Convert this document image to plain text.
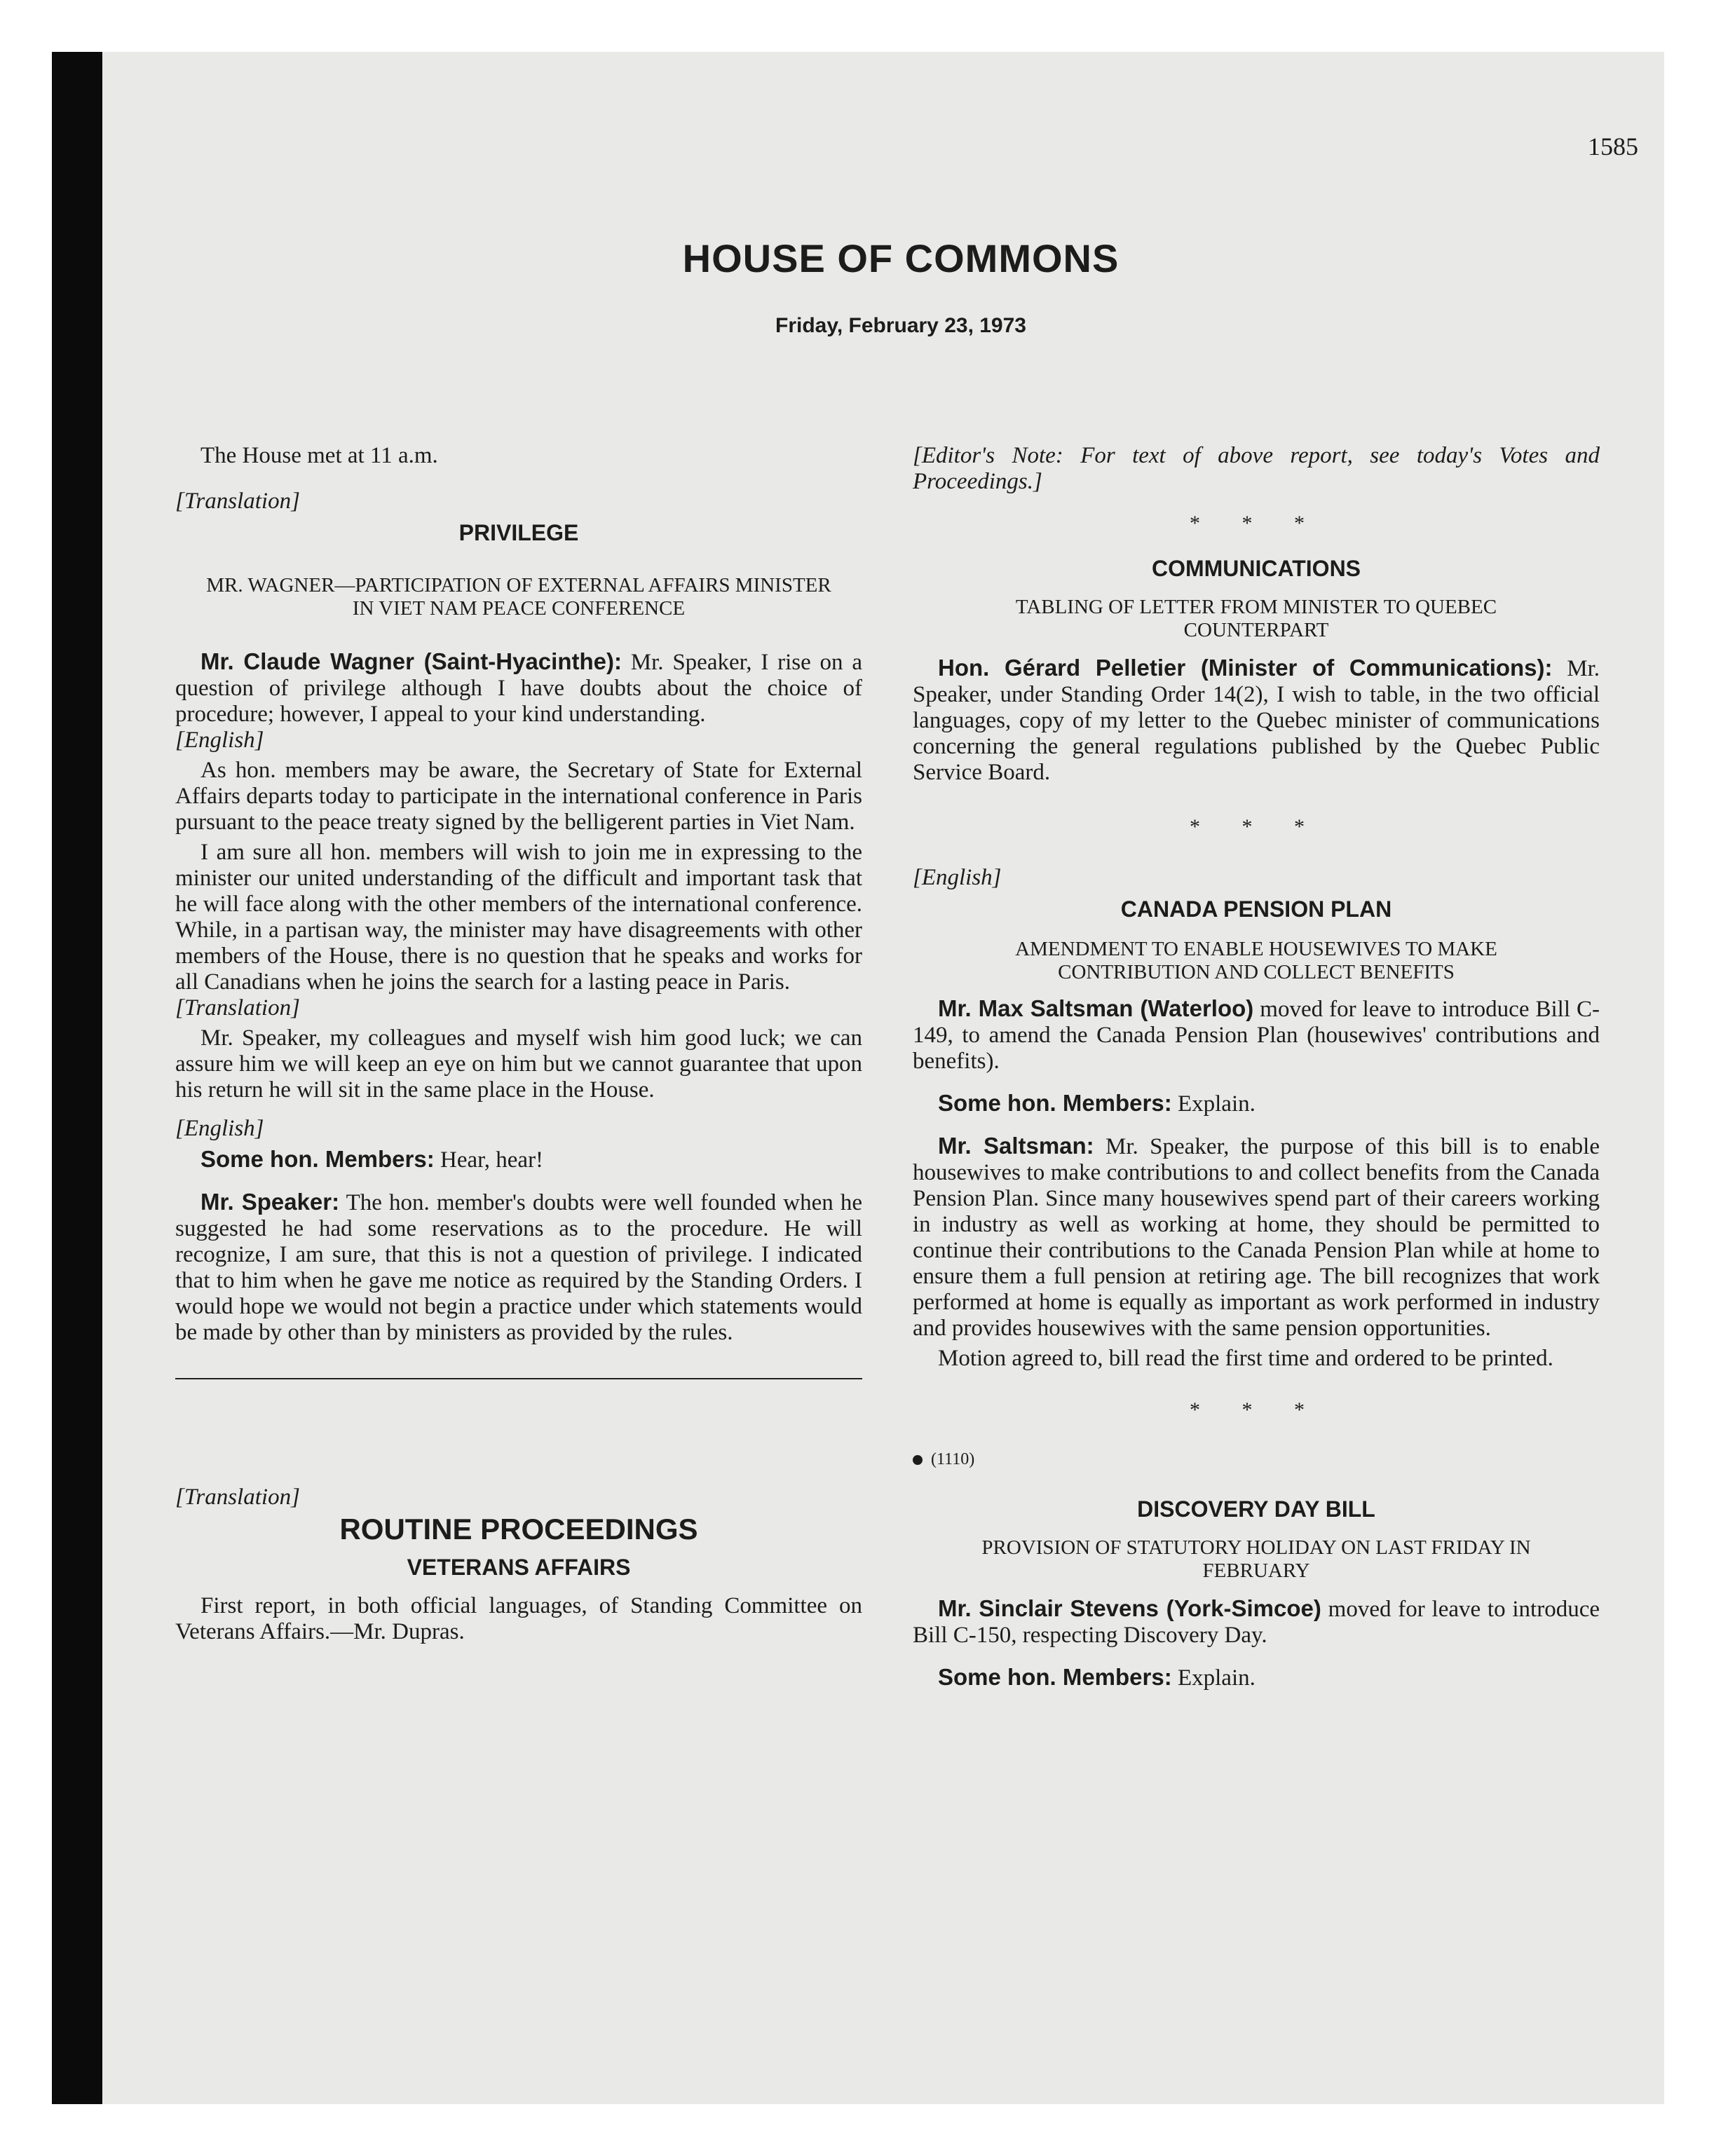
1585
HOUSE OF COMMONS
Friday, February 23, 1973

The House met at 11 a.m.

[Translation]
PRIVILEGE
MR. WAGNER—PARTICIPATION OF EXTERNAL AFFAIRS MINISTER IN VIET NAM PEACE CONFERENCE

Mr. Claude Wagner (Saint-Hyacinthe): Mr. Speaker, I rise on a question of privilege although I have doubts about the choice of procedure; however, I appeal to your kind understanding.

[English]

As hon. members may be aware, the Secretary of State for External Affairs departs today to participate in the international conference in Paris pursuant to the peace treaty signed by the belligerent parties in Viet Nam.

I am sure all hon. members will wish to join me in expressing to the minister our united understanding of the difficult and important task that he will face along with the other members of the international conference. While, in a partisan way, the minister may have disagreements with other members of the House, there is no question that he speaks and works for all Canadians when he joins the search for a lasting peace in Paris.

[Translation]

Mr. Speaker, my colleagues and myself wish him good luck; we can assure him we will keep an eye on him but we cannot guarantee that upon his return he will sit in the same place in the House.

[English]

Some hon. Members: Hear, hear!

Mr. Speaker: The hon. member's doubts were well founded when he suggested he had some reservations as to the procedure. He will recognize, I am sure, that this is not a question of privilege. I indicated that to him when he gave me notice as required by the Standing Orders. I would hope we would not begin a practice under which statements would be made by other than by ministers as provided by the rules.

[Translation]
ROUTINE PROCEEDINGS
VETERANS AFFAIRS

First report, in both official languages, of Standing Committee on Veterans Affairs.—Mr. Dupras.

[Editor's Note: For text of above report, see today's Votes and Proceedings.]
* * *
COMMUNICATIONS
TABLING OF LETTER FROM MINISTER TO QUEBEC COUNTERPART

Hon. Gérard Pelletier (Minister of Communications): Mr. Speaker, under Standing Order 14(2), I wish to table, in the two official languages, copy of my letter to the Quebec minister of communications concerning the general regulations published by the Quebec Public Service Board.

* * *
[English]
CANADA PENSION PLAN
AMENDMENT TO ENABLE HOUSEWIVES TO MAKE CONTRIBUTION AND COLLECT BENEFITS

Mr. Max Saltsman (Waterloo) moved for leave to introduce Bill C-149, to amend the Canada Pension Plan (housewives' contributions and benefits).

Some hon. Members: Explain.

Mr. Saltsman: Mr. Speaker, the purpose of this bill is to enable housewives to make contributions to and collect benefits from the Canada Pension Plan. Since many housewives spend part of their careers working in industry as well as working at home, they should be permitted to continue their contributions to the Canada Pension Plan while at home to ensure them a full pension at retiring age. The bill recognizes that work performed at home is equally as important as work performed in industry and provides housewives with the same pension opportunities.

Motion agreed to, bill read the first time and ordered to be printed.

* * *
(1110)
DISCOVERY DAY BILL
PROVISION OF STATUTORY HOLIDAY ON LAST FRIDAY IN FEBRUARY

Mr. Sinclair Stevens (York-Simcoe) moved for leave to introduce Bill C-150, respecting Discovery Day.

Some hon. Members: Explain.
